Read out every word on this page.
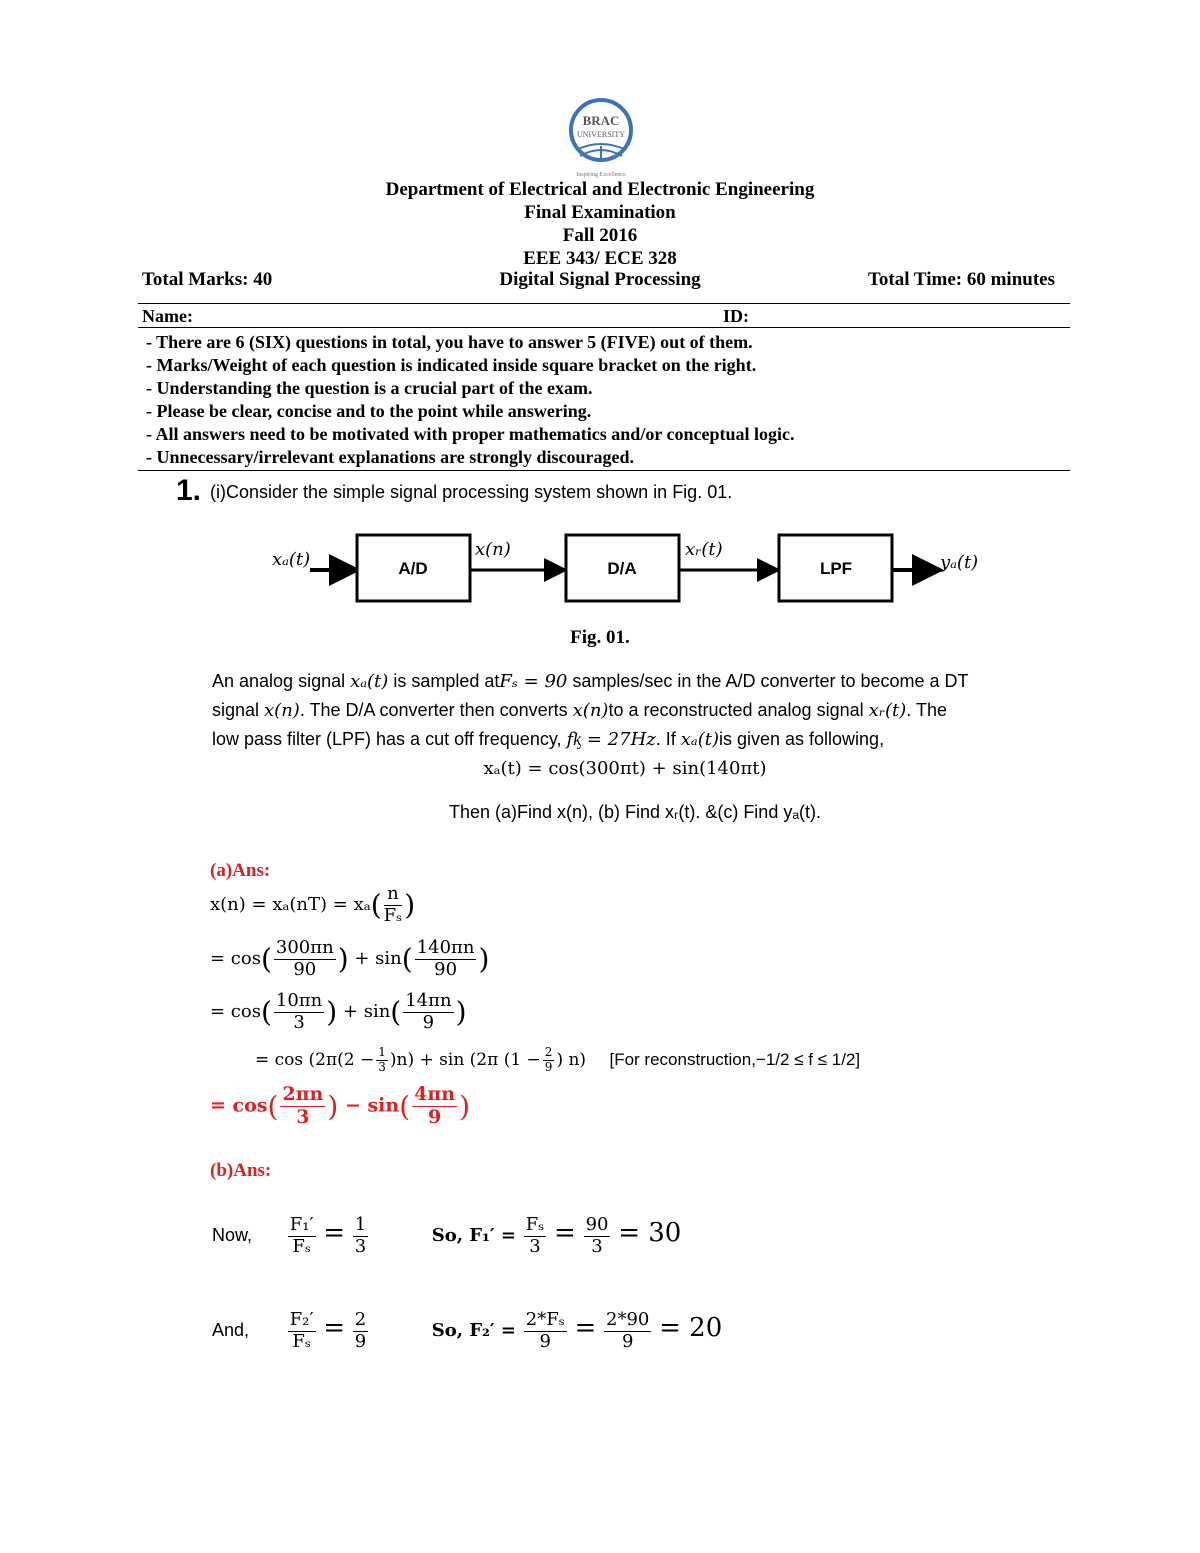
BRAC
UNIVERSITY
Inspiring Excellence
Department of Electrical and Electronic Engineering
Final Examination
Fall 2016
EEE 343/ ECE 328
Total Marks: 40	Digital Signal Processing	Total Time: 60 minutes
Name:	ID:
- There are 6 (SIX) questions in total, you have to answer 5 (FIVE) out of them.
- Marks/Weight of each question is indicated inside square bracket on the right.
- Understanding the question is a crucial part of the exam.
- Please be clear, concise and to the point while answering.
- All answers need to be motivated with proper mathematics and/or conceptual logic.
- Unnecessary/irrelevant explanations are strongly discouraged.
1. (i)Consider the simple signal processing system shown in Fig. 01.
xₐ(t)	A/D
x(n)
D/A
xᵣ(t)
LPF	yₐ(t)
Fig. 01.
An analog signal xₐ(t) is sampled atFₛ = 90 samples/sec in the A/D converter to become a DT
signal x(n). The D/A converter then converts x(n)to a reconstructed analog signal xᵣ(t). The
low pass filter (LPF) has a cut off frequency, fᶄ = 27Hz. If xₐ(t)is given as following,
xₐ(t) = cos(300πt) + sin(140πt)
Then (a)Find x(n), (b) Find xᵣ(t). &(c) Find yₐ(t).
(a)Ans:
$x(n) = x_a(nT) = x_a( \frac{n}{\text{Fₛ}}$ )
= $\cos( \frac{300\pi n}{90}$ ) + $\sin( \frac{140\pi n}{90}$ )
= $\cos( \frac{10\pi n}{3}$ ) + $\sin( \frac{14\pi n}{9}$ )
= $\cos (2\pi(2 - \frac{1}{3} )n) + \sin (2\pi$ ($1 - \frac{2}{9}$ ) n) [For reconstruction,−1/2 ≤ f ≤ 1/2]
= $\cos( \frac{2\pi n}{3}$ ) − $\sin( \frac{4\pi n}{9}$ )
(b)Ans:
Now, $\frac{\text{F₁′}}{\text{Fₛ}} = \frac{1}{3}$	So, $F_1' = \frac{\text{Fₛ}}{3} = \frac{90}{3} = 30$
And, $\frac{\text{F₂′}}{\text{Fₛ}} = \frac{2}{9}$	So, $F_2' = \frac{\text{2*Fₛ}}{9} = \frac{2*90}{9} = 20$
